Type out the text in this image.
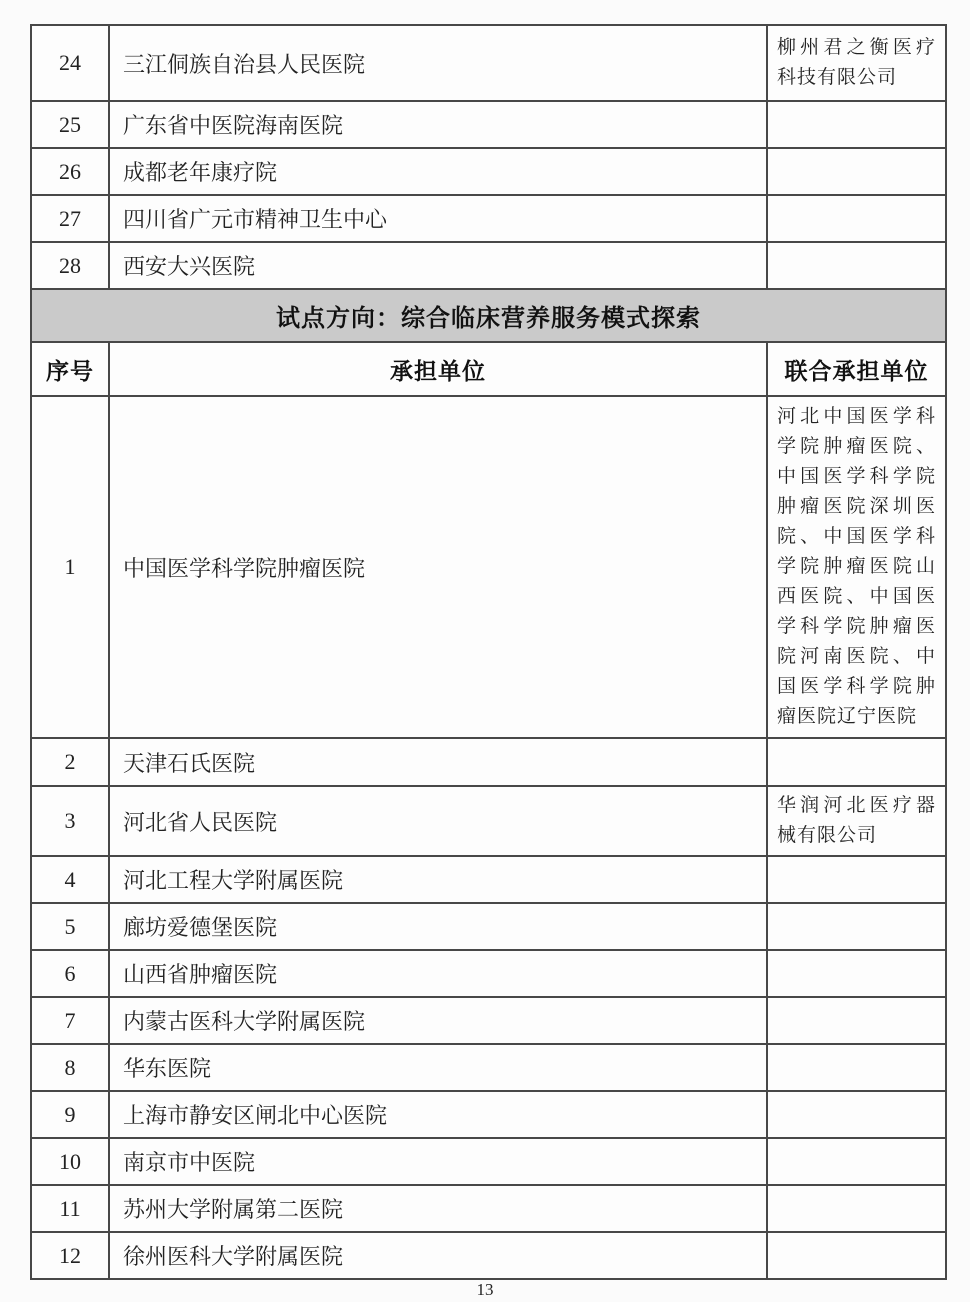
24	三江侗族自治县人民医院	柳州君之衡医疗科技有限公司
25	广东省中医院海南医院	
26	成都老年康疗院	
27	四川省广元市精神卫生中心	
28	西安大兴医院	
试点方向：综合临床营养服务模式探索		
序号	承担单位	联合承担单位
1	中国医学科学院肿瘤医院	河北中国医学科学院肿瘤医院、中国医学科学院肿瘤医院深圳医院、中国医学科学院肿瘤医院山西医院、中国医学科学院肿瘤医院河南医院、中国医学科学院肿瘤医院辽宁医院
2	天津石氏医院	
3	河北省人民医院	华润河北医疗器械有限公司
4	河北工程大学附属医院	
5	廊坊爱德堡医院	
6	山西省肿瘤医院	
7	内蒙古医科大学附属医院	
8	华东医院	
9	上海市静安区闸北中心医院	
10	南京市中医院	
11	苏州大学附属第二医院	
12	徐州医科大学附属医院	
13
